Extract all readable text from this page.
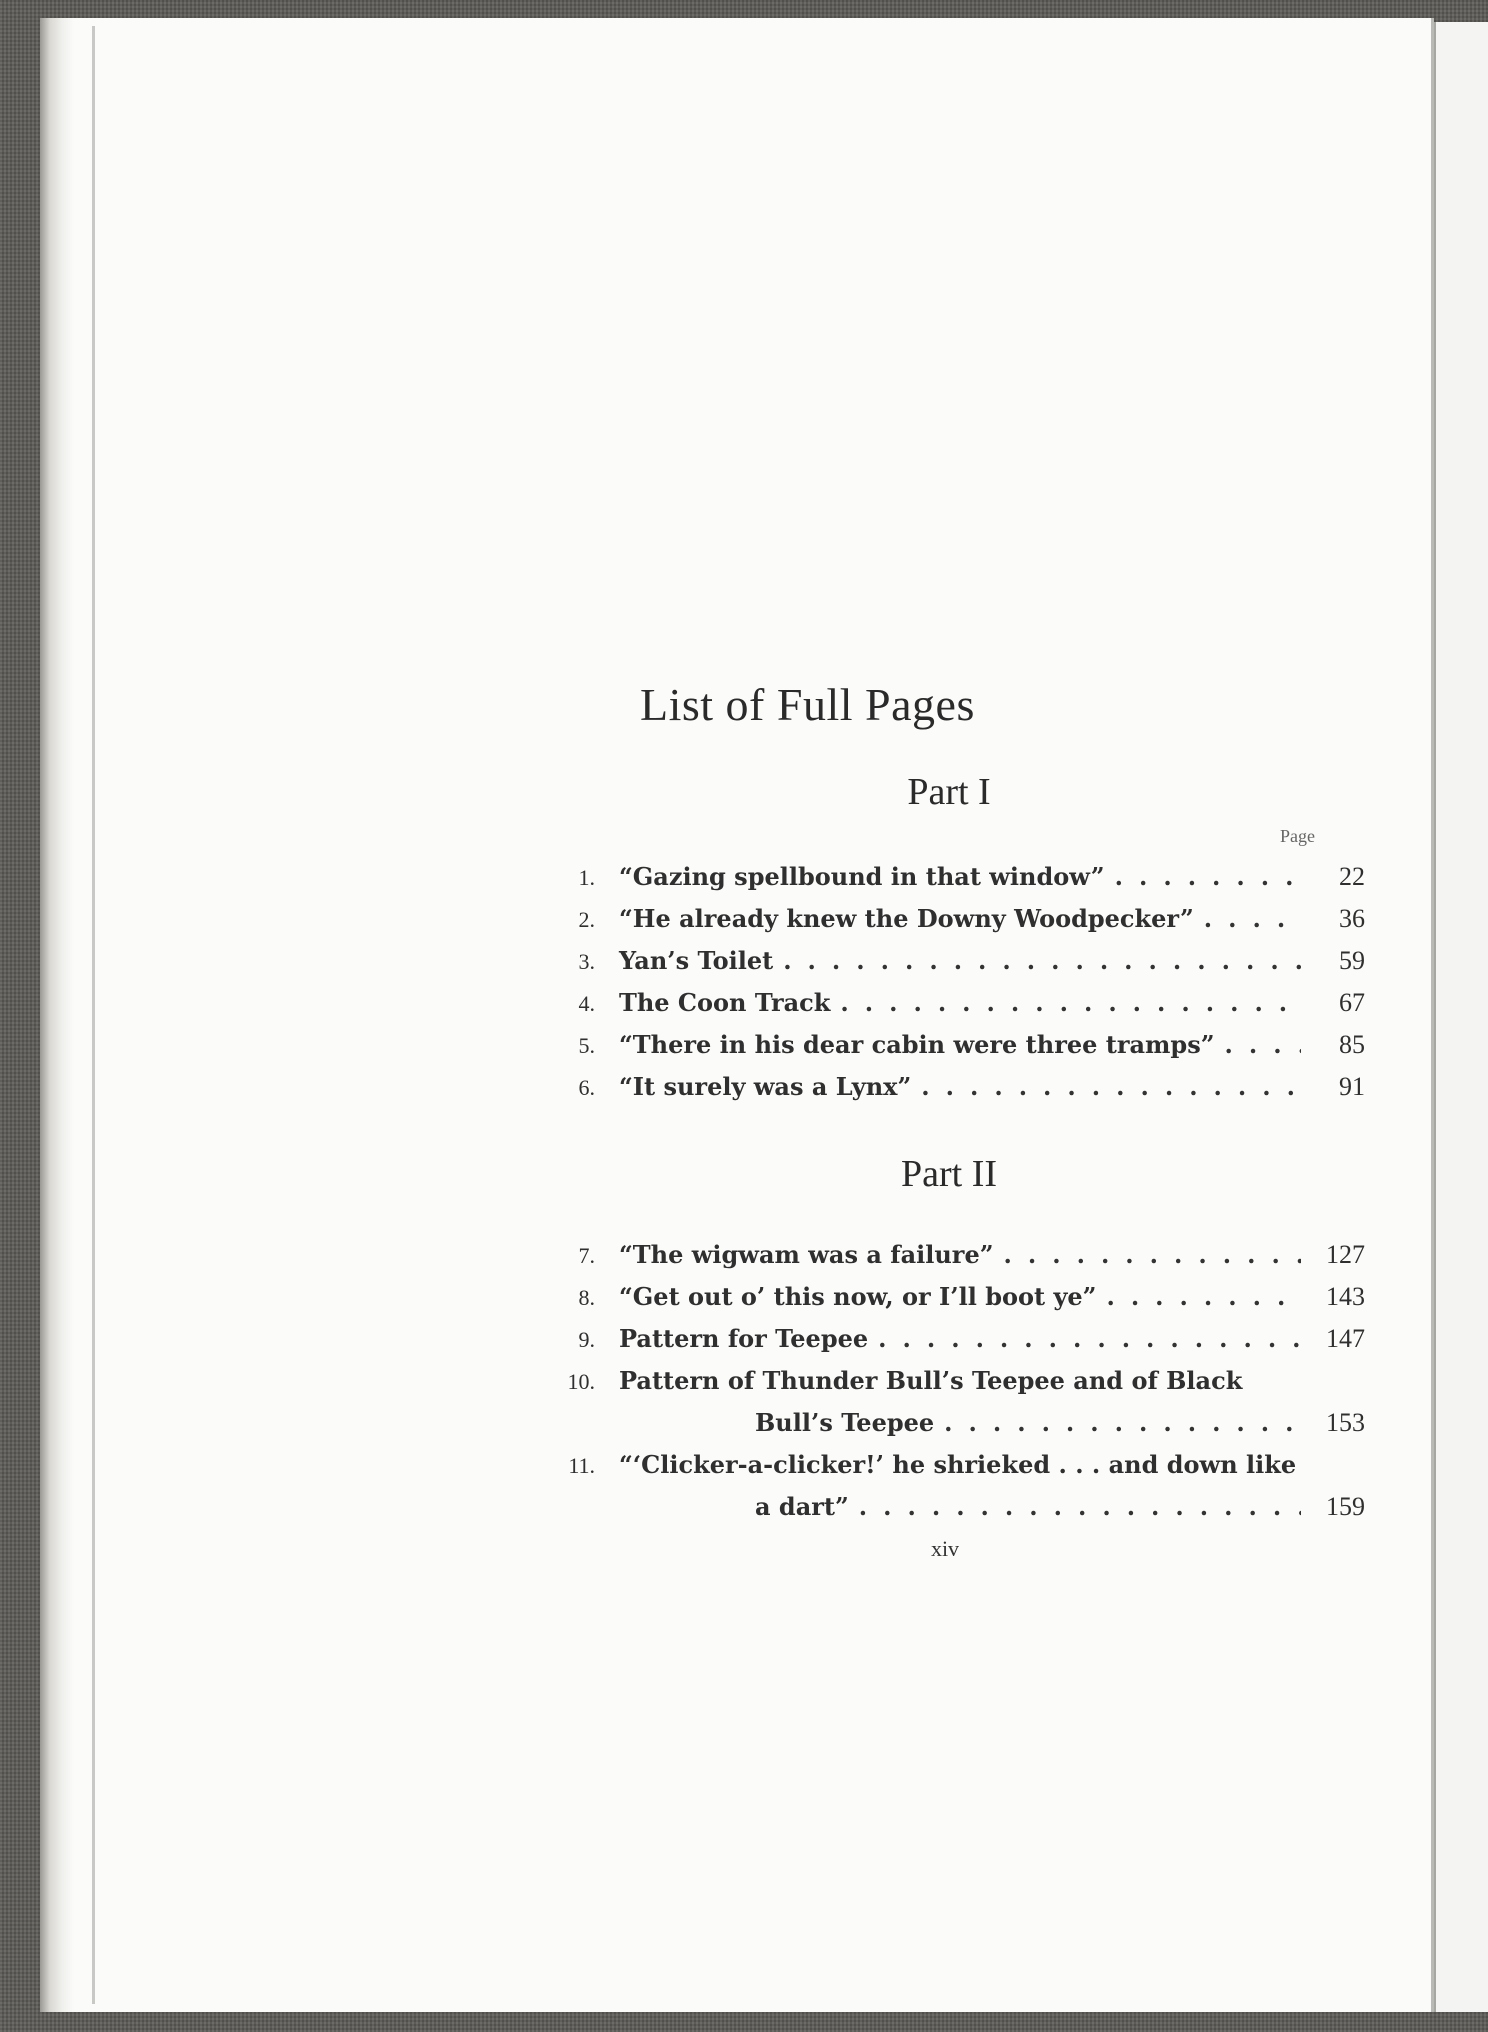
List of Full Pages
Part I
Page
1.	“Gazing spellbound in that window” .....	22
2.	“He already knew the Downy Woodpecker” .....	36
3.	Yan’s Toilet .....	59
4.	The Coon Track .....	67
5.	“There in his dear cabin were three tramps” .....	85
6.	“It surely was a Lynx” .....	91
Part II
7.	“The wigwam was a failure” .....	127
8.	“Get out o’ this now, or I’ll boot ye” .....	143
9.	Pattern for Teepee .....	147
10.	Pattern of Thunder Bull’s Teepee and of Black
Bull’s Teepee .....	153
11.	“‘Clicker-a-clicker!’ he shrieked . . . and down like
a dart” .....	159
xiv
